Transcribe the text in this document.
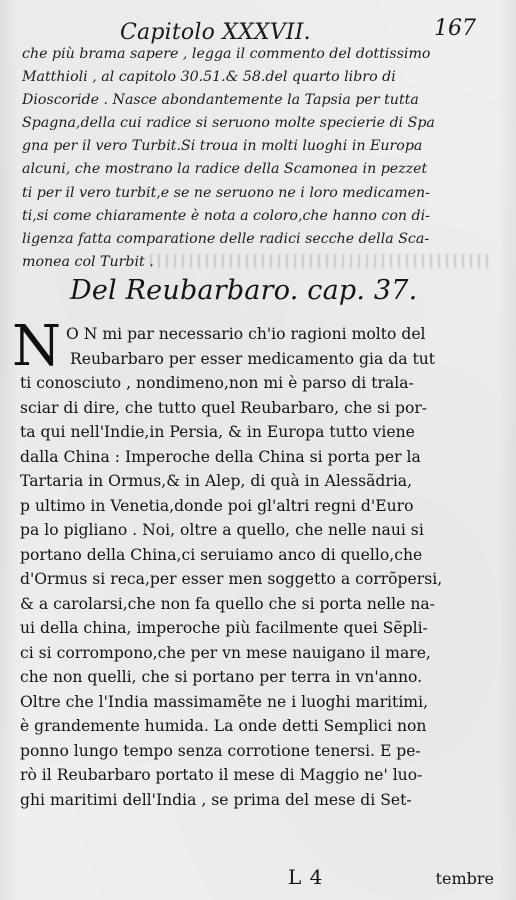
Capitolo XXXVII.	167
che più brama sapere , legga il commento del dottissimo
Matthioli , al capitolo 30.51.& 58.del quarto libro di
Dioscoride . Nasce abondantemente la Tapsia per tutta
Spagna,della cui radice si seruono molte specierie di Spa
gna per il vero Turbit.Si troua in molti luoghi in Europa
alcuni, che mostrano la radice della Scamonea in pezzet
ti per il vero turbit,e se ne seruono ne i loro medicamen-
ti,si come chiaramente è nota a coloro,che hanno con di-
ligenza fatta comparatione delle radici secche della Sca-
monea col Turbit .
Del Reubarbaro. cap. 37.
N O N mi par necessario ch'io ragioni molto del
Reubarbaro per esser medicamento gia da tut
ti conosciuto , nondimeno,non mi è parso di trala-
sciar di dire, che tutto quel Reubarbaro, che si por-
ta qui nell'Indie,in Persia, & in Europa tutto viene
dalla China : Imperoche della China si porta per la
Tartaria in Ormus,& in Alep, di quà in Alessãdria,
p ultimo in Venetia,donde poi gl'altri regni d'Euro
pa lo pigliano . Noi, oltre a quello, che nelle naui si
portano della China,ci seruiamo anco di quello,che
d'Ormus si reca,per esser men soggetto a corrõpersi,
& a carolarsi,che non fa quello che si porta nelle na-
ui della china, imperoche più facilmente quei Sẽpli-
ci si corrompono,che per vn mese nauigano il mare,
che non quelli, che si portano per terra in vn'anno.
Oltre che l'India massimamẽte ne i luoghi maritimi,
è grandemente humida. La onde detti Semplici non
ponno lungo tempo senza corrotione tenersi. E pe-
rò il Reubarbaro portato il mese di Maggio ne' luo-
ghi maritimi dell'India , se prima del mese di Set-
L 4	tembre
